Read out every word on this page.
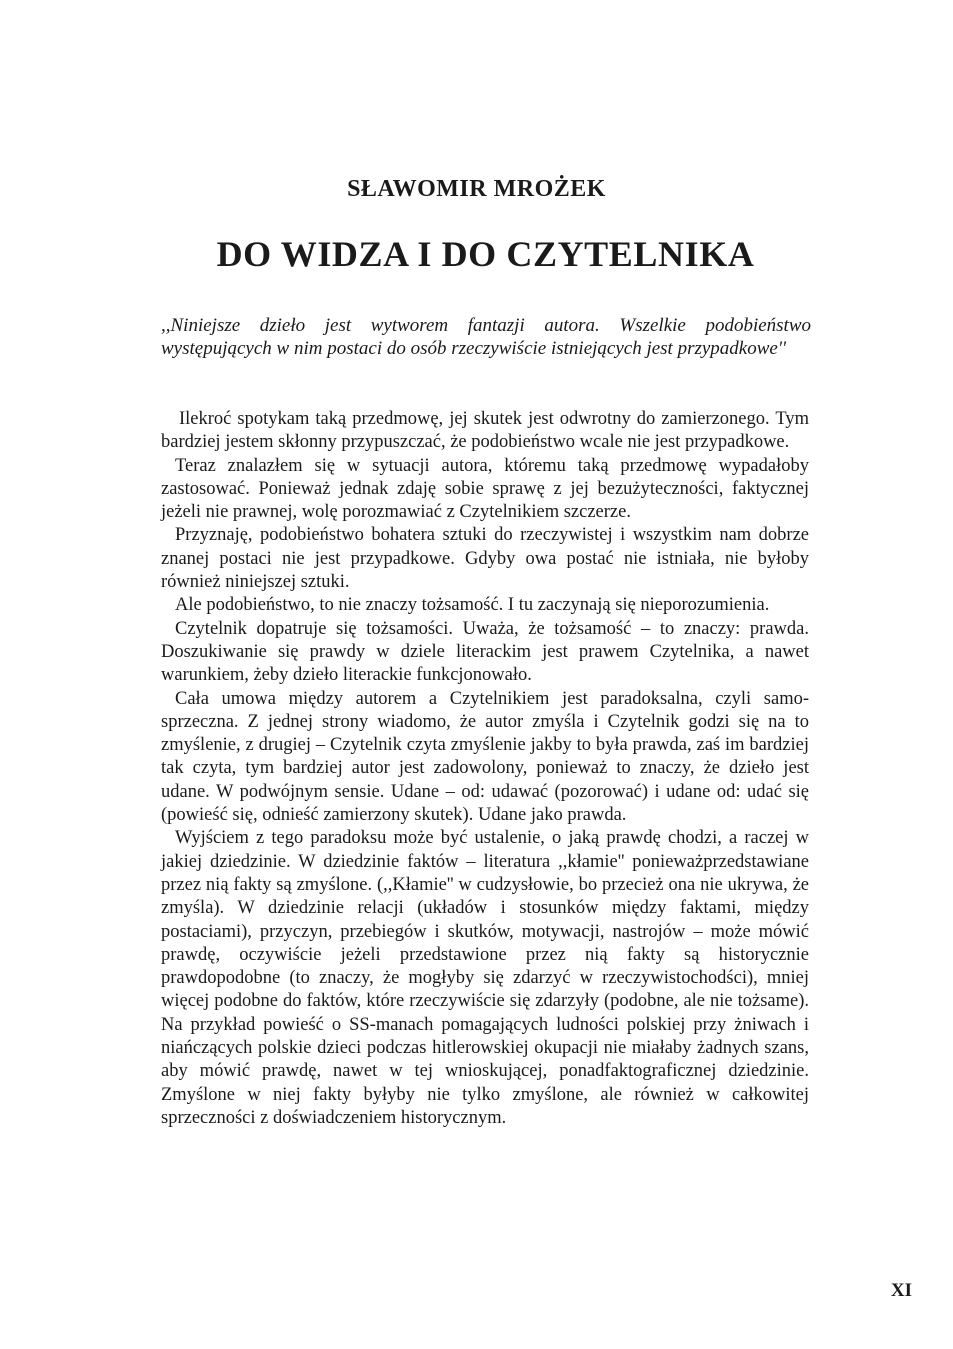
SŁAWOMIR MROŻEK
DO WIDZA I DO CZYTELNIKA

,,Niniejsze dzieło jest wytworem fantazji autora. Wszelkie podobieństwo występujących w nim postaci do osób rzeczywiście istniejących jest przypadkowe''

Ilekroć spotykam taką przedmowę, jej skutek jest odwrotny do zamierzonego. Tym bardziej jestem skłonny przypuszczać, że podobieństwo wcale nie jest przypadkowe.

Teraz znalazłem się w sytuacji autora, któremu taką przedmowę wypadałoby zastosować. Ponieważ jednak zdaję sobie sprawę z jej bezużyteczności, faktycznej jeżeli nie prawnej, wolę porozmawiać z Czytelnikiem szczerze.

Przyznaję, podobieństwo bohatera sztuki do rzeczywistej i wszystkim nam dobrze znanej postaci nie jest przypadkowe. Gdyby owa postać nie istniała, nie byłoby również niniejszej sztuki.

Ale podobieństwo, to nie znaczy tożsamość. I tu zaczynają się nieporozumienia.

Czytelnik dopatruje się tożsamości. Uważa, że tożsamość – to znaczy: prawda. Doszukiwanie się prawdy w dziele literackim jest prawem Czytelnika, a nawet warunkiem, żeby dzieło literackie funkcjonowało.

Cała umowa między autorem a Czytelnikiem jest paradoksalna, czyli samo-sprzeczna. Z jednej strony wiadomo, że autor zmyśla i Czytelnik godzi się na to zmyślenie, z drugiej – Czytelnik czyta zmyślenie jakby to była prawda, zaś im bardziej tak czyta, tym bardziej autor jest zadowolony, ponieważ to znaczy, że dzieło jest udane. W podwójnym sensie. Udane – od: udawać (pozorować) i udane od: udać się (powieść się, odnieść zamierzony skutek). Udane jako prawda.

Wyjściem z tego paradoksu może być ustalenie, o jaką prawdę chodzi, a raczej w jakiej dziedzinie. W dziedzinie faktów – literatura ,,kłamie'' ponieważprzedstawiane przez nią fakty są zmyślone. (,,Kłamie'' w cudzysłowie, bo przecież ona nie ukrywa, że zmyśla). W dziedzinie relacji (układów i stosunków między faktami, między postaciami), przyczyn, przebiegów i skutków, motywacji, nastrojów – może mówić prawdę, oczywiście jeżeli przedstawione przez nią fakty są historycznie prawdopodobne (to znaczy, że mogłyby się zdarzyć w rzeczywistochodści), mniej więcej podobne do faktów, które rzeczywiście się zdarzyły (podobne, ale nie tożsame). Na przykład powieść o SS-manach pomagających ludności polskiej przy żniwach i niańczących polskie dzieci podczas hitlerowskiej okupacji nie miałaby żadnych szans, aby mówić prawdę, nawet w tej wnioskującej, ponadfaktograficznej dziedzinie. Zmyślone w niej fakty byłyby nie tylko zmyślone, ale również w całkowitej sprzeczności z doświadczeniem historycznym.

XI
